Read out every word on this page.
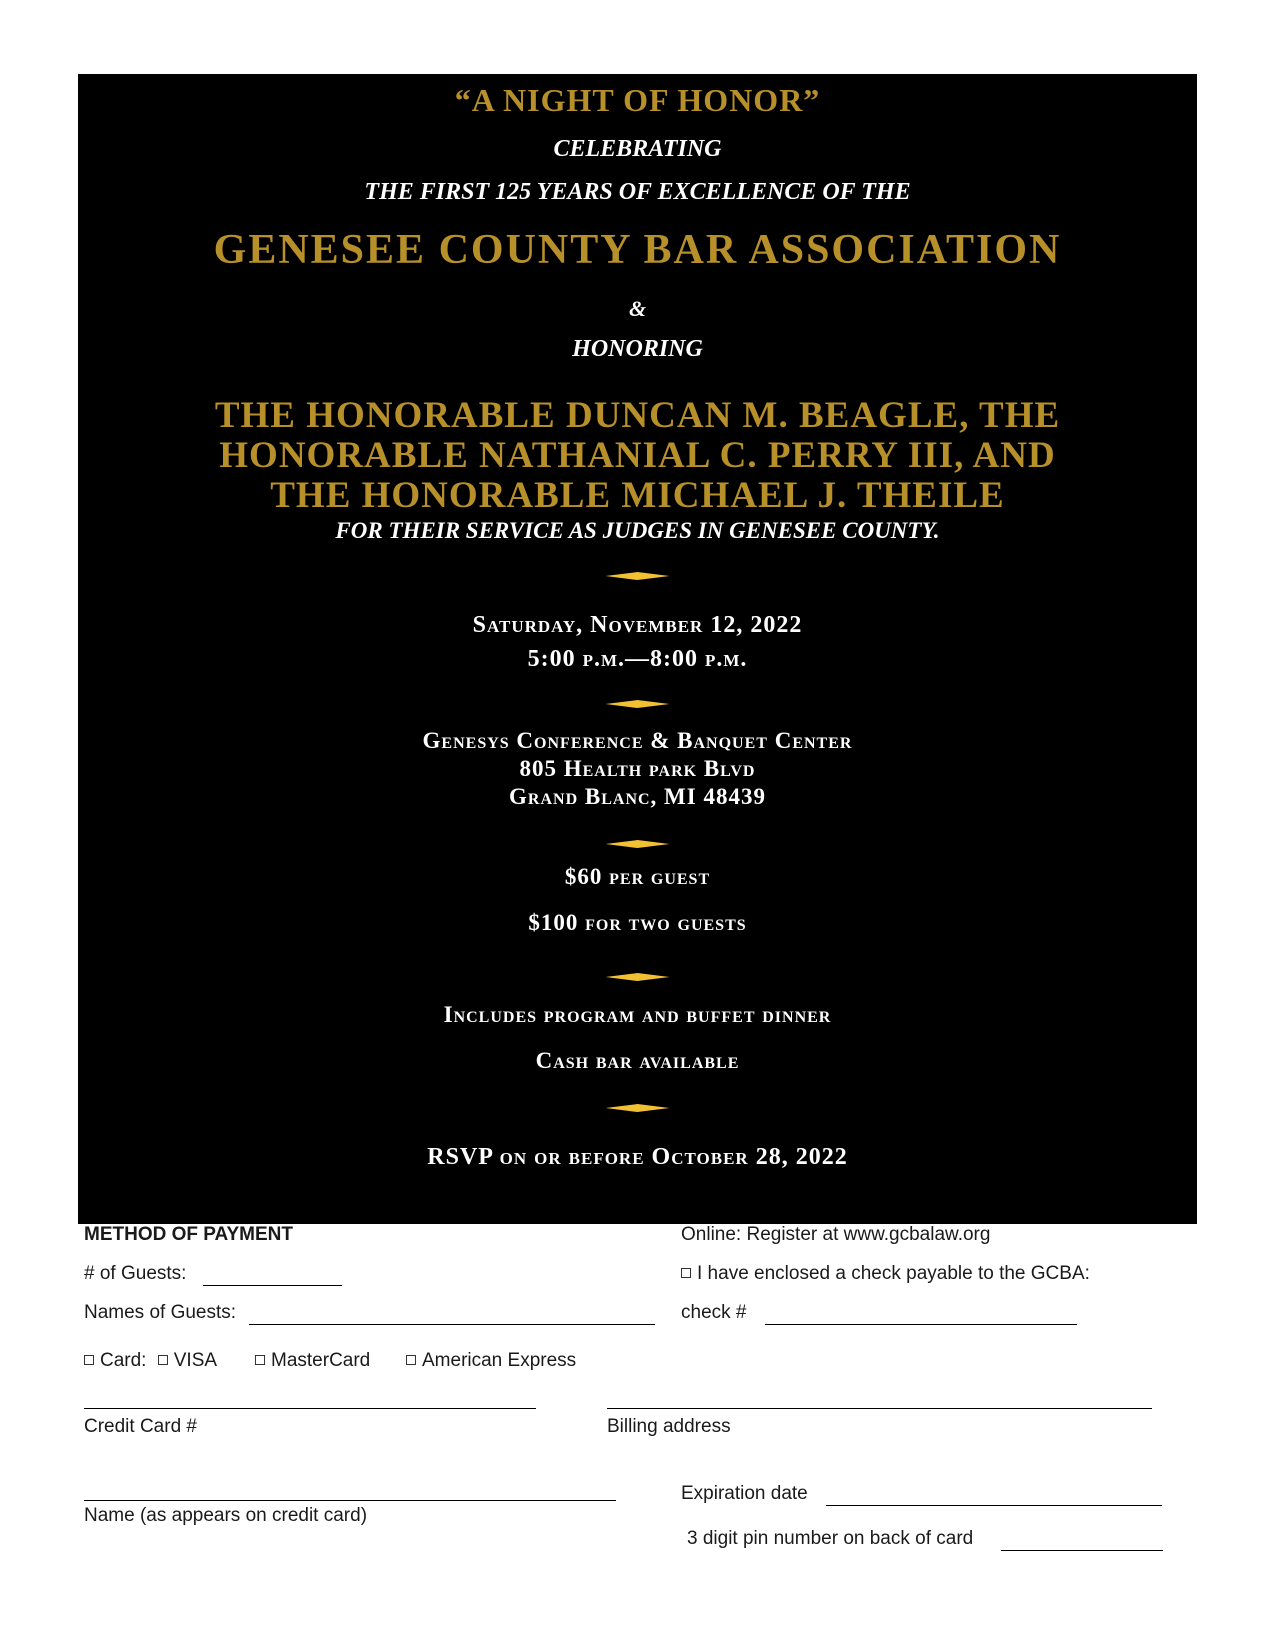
“A NIGHT OF HONOR”
CELEBRATING
THE FIRST 125 YEARS OF EXCELLENCE OF THE
GENESEE COUNTY BAR ASSOCIATION
&
HONORING
THE HONORABLE DUNCAN M. BEAGLE, THE
HONORABLE NATHANIAL C. PERRY III, AND
THE HONORABLE MICHAEL J. THEILE
FOR THEIR SERVICE AS JUDGES IN GENESEE COUNTY.
Saturday, November 12, 2022
5:00 p.m.—8:00 p.m.
Genesys Conference & Banquet Center
805 Health park Blvd
Grand Blanc, MI 48439
$60 per guest
$100 for two guests
Includes program and buffet dinner
Cash bar available
RSVP on or before October 28, 2022
METHOD OF PAYMENT
# of Guests:
Names of Guests:
Card: VISA	MasterCard	American Express
Credit Card #
Name (as appears on credit card)
Online: Register at www.gcbalaw.org
I have enclosed a check payable to the GCBA:
check #
Billing address
Expiration date
3 digit pin number on back of card
